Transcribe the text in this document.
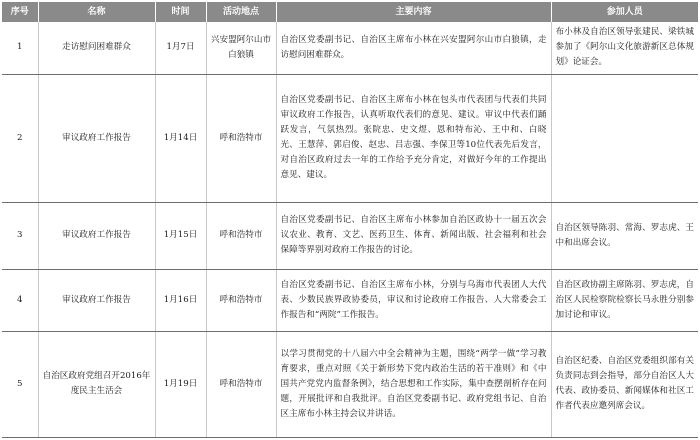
序号	名称	时间	活动地点	主要内容	参加人员
1	走访慰问困难群众	1月7日	兴安盟阿尔山市白狼镇	自治区党委副书记、自治区主席布小林在兴安盟阿尔山市白狼镇，走访慰问困难群众。	布小林及自治区领导张建民、梁铁城参加了《阿尔山文化旅游新区总体规划》论证会。
2	审议政府工作报告	1月14日	呼和浩特市	自治区党委副书记、自治区主席布小林在包头市代表团与代表们共同审议政府工作报告，认真听取代表们的意见、建议。审议中代表们踊跃发言，气氛热烈。张院忠、史文煜、恩和特布沁、王中和、白晓光、王慧萍、郭启俊、赵忠、吕志强、李保卫等10位代表先后发言，对自治区政府过去一年的工作给予充分肯定，对做好今年的工作提出意见、建议。	
3	审议政府工作报告	1月15日	呼和浩特市	自治区党委副书记、自治区主席布小林参加自治区政协十一届五次会议农业、教育、文艺、医药卫生、体育、新闻出版、社会福利和社会保障等界别对政府工作报告的讨论。	自治区领导陈羽、常海、罗志虎、王中和出席会议。
4	审议政府工作报告	1月16日	呼和浩特市	自治区党委副书记、自治区主席布小林，分别与乌海市代表团人大代表、少数民族界政协委员，审议和讨论政府工作报告、人大常委会工作报告和“两院”工作报告。	自治区政协副主席陈羽、罗志虎，自治区人民检察院检察长马永胜分别参加讨论和审议。
5	自治区政府党组召开2016年度民主生活会	1月19日	呼和浩特市	以学习贯彻党的十八届六中全会精神为主题，围绕“两学一做”学习教育要求，重点对照《关于新形势下党内政治生活的若干准则》和《中国共产党党内监督条例》，结合思想和工作实际，集中查摆剖析存在问题，开展批评和自我批评。自治区党委副书记、政府党组书记、自治区主席布小林主持会议并讲话。	自治区纪委、自治区党委组织部有关负责同志到会指导，部分自治区人大代表、政协委员、新闻媒体和社区工作者代表应邀列席会议。
